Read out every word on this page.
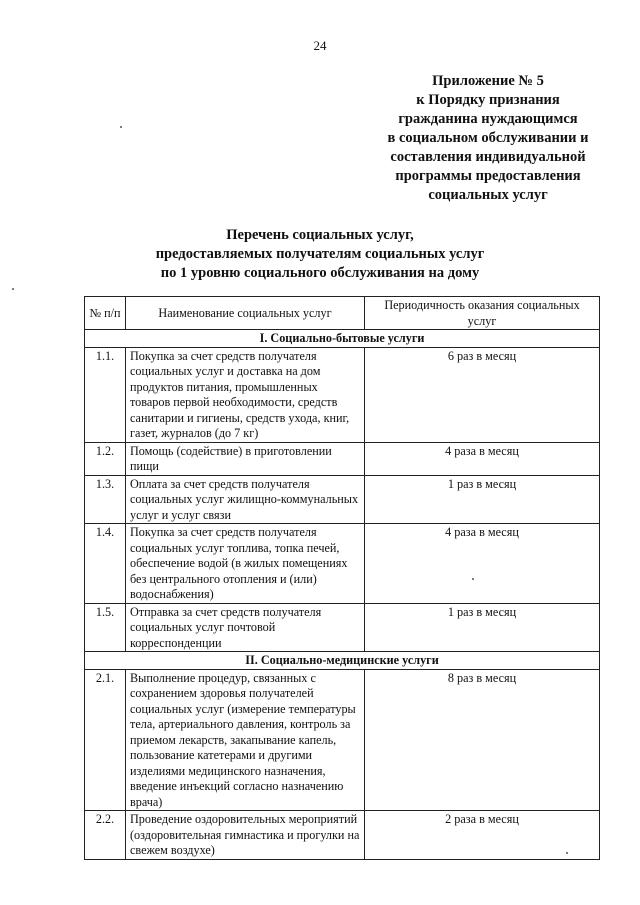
24
Приложение № 5
к Порядку признания
гражданина нуждающимся
в социальном обслуживании и
составления индивидуальной
программы предоставления
социальных услуг
Перечень социальных услуг,
предоставляемых получателям социальных услуг
по 1 уровню социального обслуживания на дому
№ п/п	Наименование социальных услуг	Периодичность оказания социальных услуг
I. Социально-бытовые услуги		
1.1.	Покупка за счет средств получателя социальных услуг и доставка на дом продуктов питания, промышленных товаров первой необходимости, средств санитарии и гигиены, средств ухода, книг, газет, журналов (до 7 кг)	6 раз в месяц
1.2.	Помощь (содействие) в приготовлении пищи	4 раза в месяц
1.3.	Оплата за счет средств получателя социальных услуг жилищно-коммунальных услуг и услуг связи	1 раз в месяц
1.4.	Покупка за счет средств получателя социальных услуг топлива, топка печей, обеспечение водой (в жилых помещениях без центрального отопления и (или) водоснабжения)	4 раза в месяц
1.5.	Отправка за счет средств получателя социальных услуг почтовой корреспонденции	1 раз в месяц
II. Социально-медицинские услуги		
2.1.	Выполнение процедур, связанных с сохранением здоровья получателей социальных услуг (измерение температуры тела, артериального давления, контроль за приемом лекарств, закапывание капель, пользование катетерами и другими изделиями медицинского назначения, введение инъекций согласно назначению врача)	8 раз в месяц
2.2.	Проведение оздоровительных мероприятий (оздоровительная гимнастика и прогулки на свежем воздухе)	2 раза в месяц
